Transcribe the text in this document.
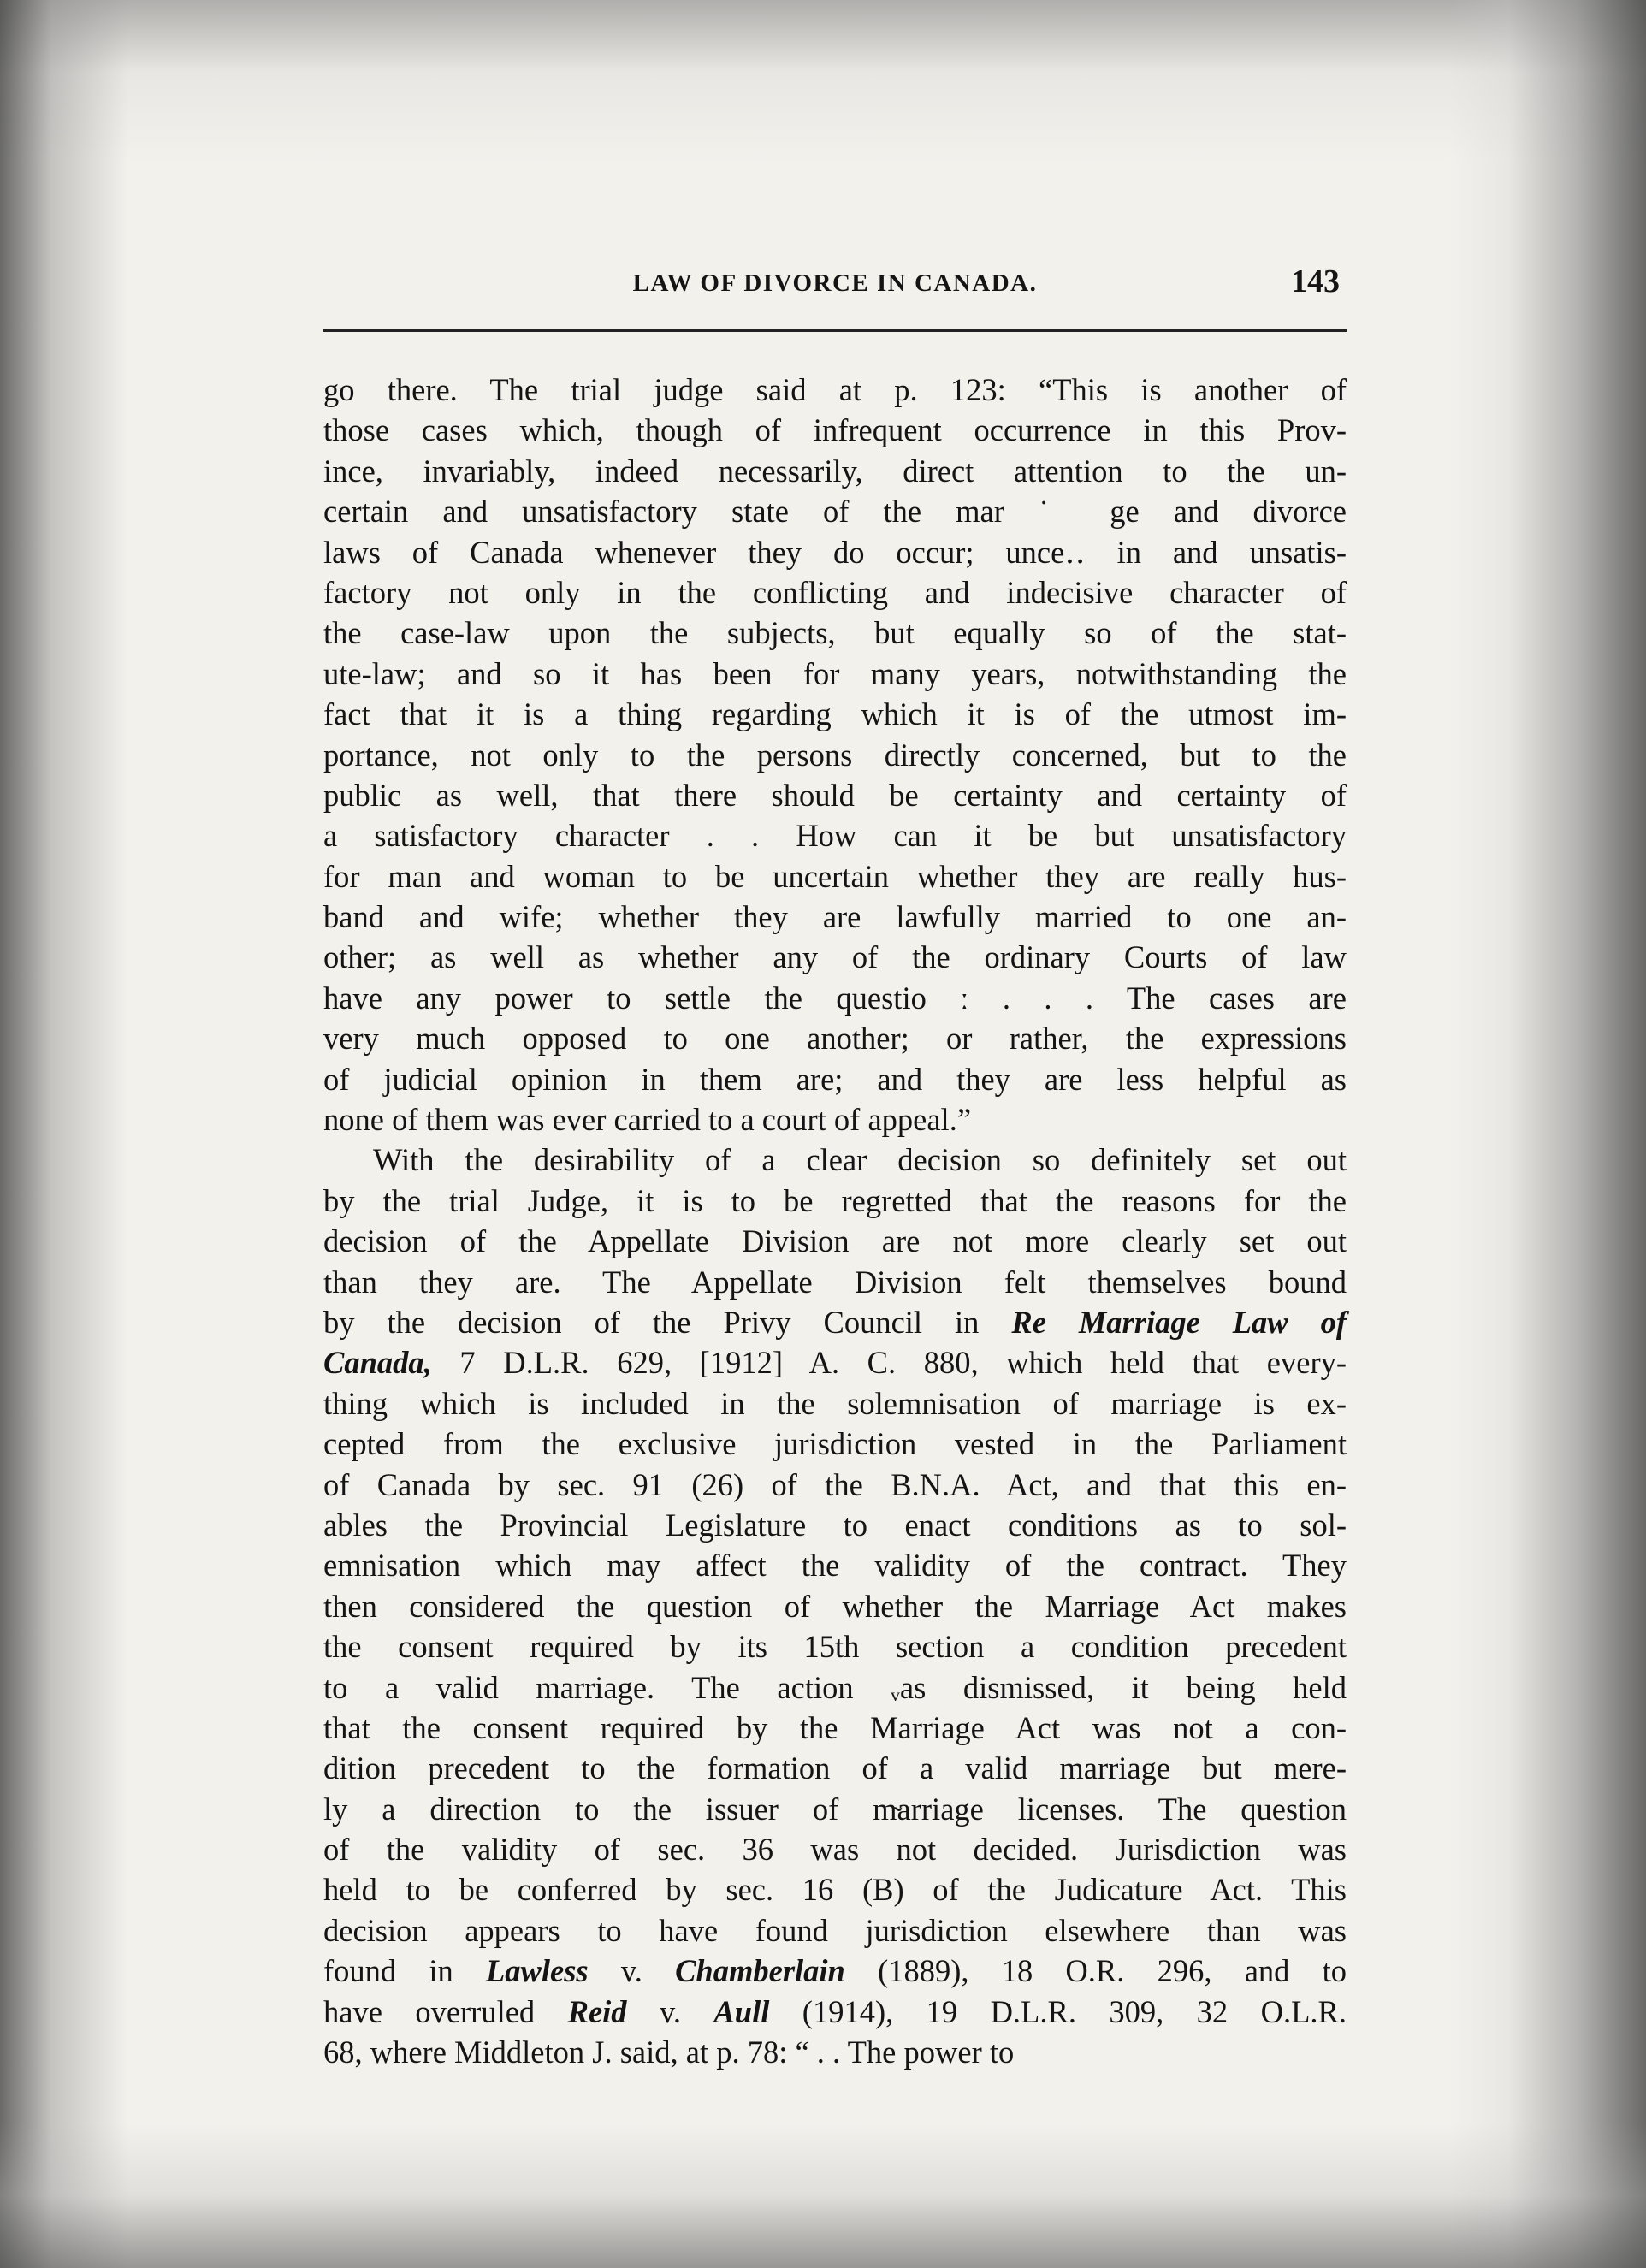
LAW OF DIVORCE IN CANADA.	143

go there. The trial judge said at p. 123: “This is another of
those cases which, though of infrequent occurrence in this Prov-
ince, invariably, indeed necessarily, direct attention to the un-
certain and unsatisfactory state of the mar ˙ ge and divorce
laws of Canada whenever they do occur; unce‥ in and unsatis-
factory not only in the conflicting and indecisive character of
the case-law upon the subjects, but equally so of the stat-
ute-law; and so it has been for many years, notwithstanding the
fact that it is a thing regarding which it is of the utmost im-
portance, not only to the persons directly concerned, but to the
public as well, that there should be certainty and certainty of
a satisfactory character . . How can it be but unsatisfactory
for man and woman to be uncertain whether they are really hus-
band and wife; whether they are lawfully married to one an-
other; as well as whether any of the ordinary Courts of law
have any power to settle the questio ː . . . The cases are
very much opposed to one another; or rather, the expressions
of judicial opinion in them are; and they are less helpful as
none of them was ever carried to a court of appeal.”

With the desirability of a clear decision so definitely set out
by the trial Judge, it is to be regretted that the reasons for the
decision of the Appellate Division are not more clearly set out
than they are. The Appellate Division felt themselves bound
by the decision of the Privy Council in Re Marriage Law of
Canada, 7 D.L.R. 629, [1912] A. C. 880, which held that every-
thing which is included in the solemnisation of marriage is ex-
cepted from the exclusive jurisdiction vested in the Parliament
of Canada by sec. 91 (26) of the B.N.A. Act, and that this en-
ables the Provincial Legislature to enact conditions as to sol-
emnisation which may affect the validity of the contract. They
then considered the question of whether the Marriage Act makes
the consent required by its 15th section a condition precedent
to a valid marriage. The action ᵥas dismissed, it being held
that the consent required by the Marriage Act was not a con-
dition precedent to the formation of a valid marriage but mere-
ly a direction to the issuer of m̴arriage licenses. The question
of the validity of sec. 36 was not decided. Jurisdiction was
held to be conferred by sec. 16 (B) of the Judicature Act. This
decision appears to have found jurisdiction elsewhere than was
found in Lawless v. Chamberlain (1889), 18 O.R. 296, and to
have overruled Reid v. Aull (1914), 19 D.L.R. 309, 32 O.L.R.
68, where Middleton J. said, at p. 78: “ . . The power to
